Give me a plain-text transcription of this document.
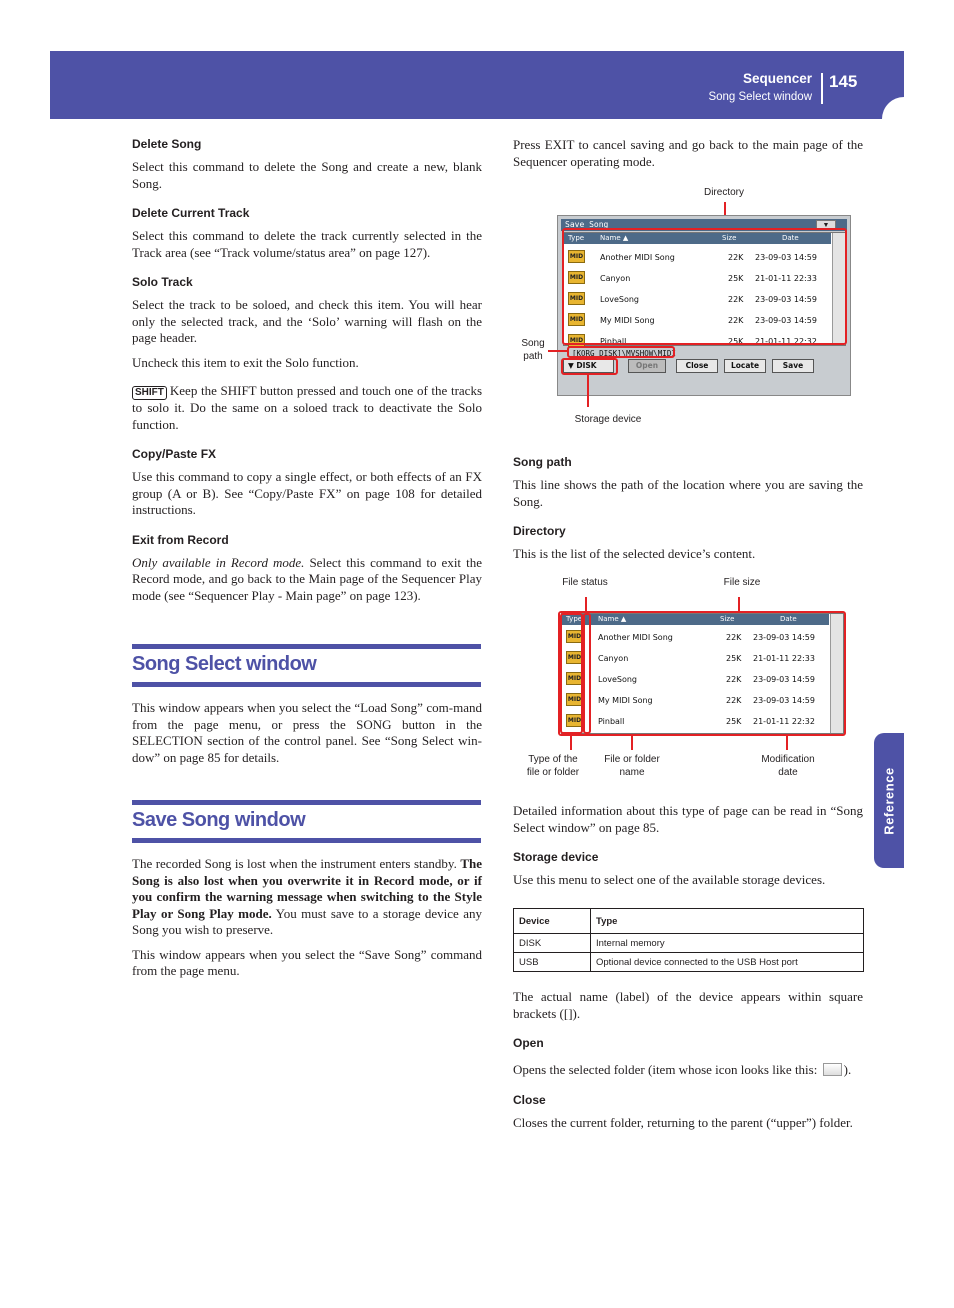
Sequencer
Song Select window
145
Reference
Delete Song

Select this command to delete the Song and create a new, blank Song.

Delete Current Track

Select this command to delete the track currently selected in the Track area (see “Track volume/status area” on page 127).

Solo Track

Select the track to be soloed, and check this item. You will hear only the selected track, and the ‘Solo’ warning will flash on the page header.

Uncheck this item to exit the Solo function.

SHIFT Keep the SHIFT button pressed and touch one of the tracks to solo it. Do the same on a soloed track to deactivate the Solo function.

Copy/Paste FX

Use this command to copy a single effect, or both effects of an FX group (A or B). See “Copy/Paste FX” on page 108 for detailed instructions.

Exit from Record

Only available in Record mode. Select this command to exit the Record mode, and go back to the Main page of the Sequencer Play mode (see “Sequencer Play - Main page” on page 123).

Song Select window

This window appears when you select the “Load Song” com-mand from the page menu, or press the SONG button in the SELECTION section of the control panel. See “Song Select win-dow” on page 85 for details.

Save Song window

The recorded Song is lost when the instrument enters standby. The Song is also lost when you overwrite it in Record mode, or if you confirm the warning message when switching to the Style Play or Song Play mode. You must save to a storage device any Song you wish to preserve.

This window appears when you select the “Save Song” command from the page menu.

Press EXIT to cancel saving and go back to the main page of the Sequencer operating mode.

Directory
Save Song	▼
Type Name ▲	Size	Date
MID Another MIDI Song	22K 23-09-03 14:59
MID Canyon	25K 21-01-11 22:33
MID LoveSong	22K 23-09-03 14:59
MID My MIDI Song	22K 23-09-03 14:59
MID Pinball	25K 21-01-11 22:32
[KORG DISK]\MVSHOW\MIDI
▼ DISK	Open	Close	Locate	Save
Song
path
Storage device
Song path

This line shows the path of the location where you are saving the Song.

Directory

This is the list of the selected device’s content.

File status	File size
Type Name ▲	Size	Date
MID Another MIDI Song	22K 23-09-03 14:59
MID Canyon	25K 21-01-11 22:33
MID LoveSong	22K 23-09-03 14:59
MID My MIDI Song	22K 23-09-03 14:59
MID Pinball	25K 21-01-11 22:32
Type of the
file or folder
File or folder
name
Modification
date

Detailed information about this type of page can be read in “Song Select window” on page 85.

Storage device

Use this menu to select one of the available storage devices.

Device	Type
DISK	Internal memory
USB	Optional device connected to the USB Host port

The actual name (label) of the device appears within square brackets ([]).

Open

Opens the selected folder (item whose icon looks like this: ).

Close

Closes the current folder, returning to the parent (“upper”) folder.
